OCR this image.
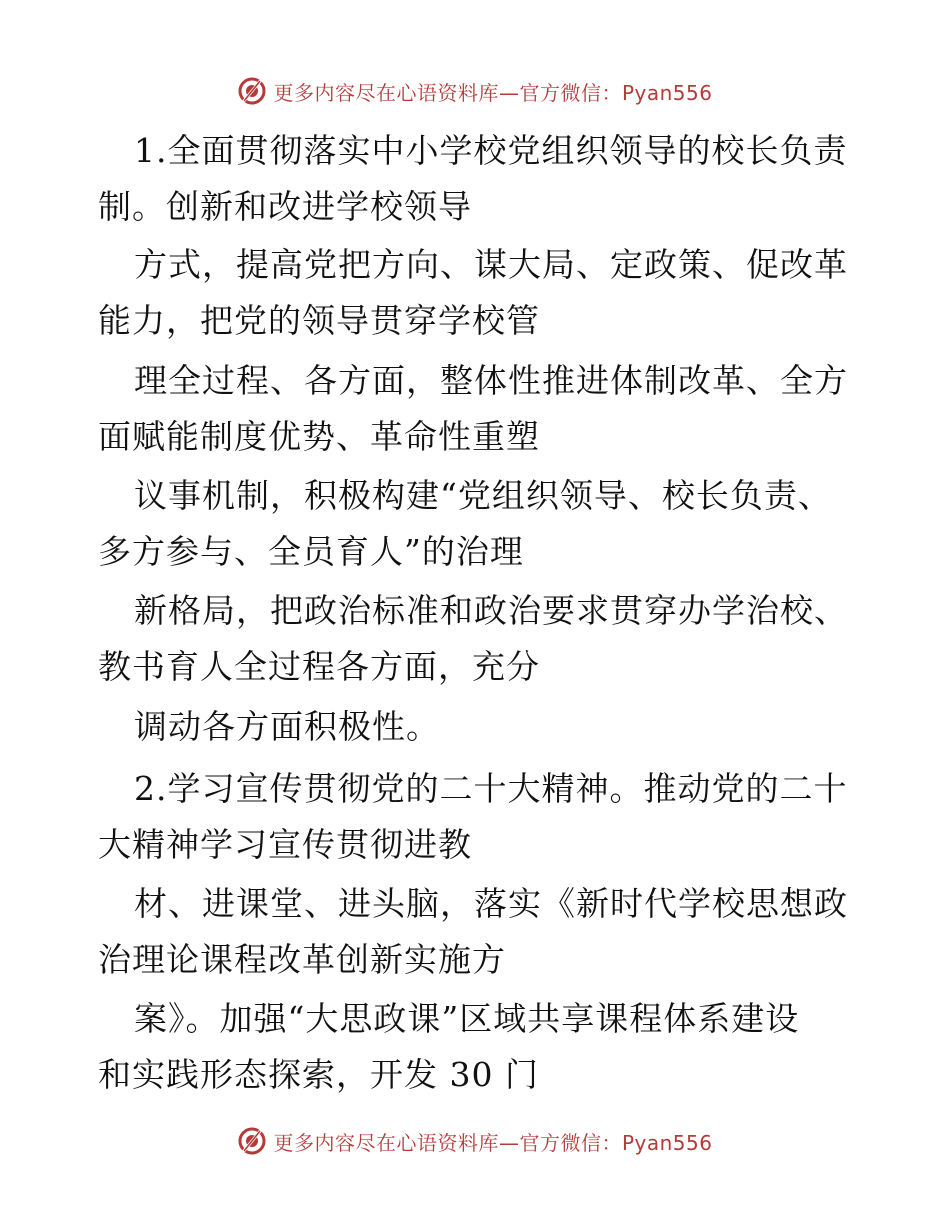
更多内容尽在心语资料库—官方微信：Pyan556
1.全面贯彻落实中小学校党组织领导的校长负责
制。创新和改进学校领导
方式，提高党把方向、谋大局、定政策、促改革
能力，把党的领导贯穿学校管
理全过程、各方面，整体性推进体制改革、全方
面赋能制度优势、革命性重塑
议事机制，积极构建“党组织领导、校长负责、
多方参与、全员育人”的治理
新格局，把政治标准和政治要求贯穿办学治校、
教书育人全过程各方面，充分
调动各方面积极性。
2.学习宣传贯彻党的二十大精神。推动党的二十
大精神学习宣传贯彻进教
材、进课堂、进头脑，落实《新时代学校思想政
治理论课程改革创新实施方
案》。加强“大思政课”区域共享课程体系建设
和实践形态探索，开发 30 门
更多内容尽在心语资料库—官方微信：Pyan556
